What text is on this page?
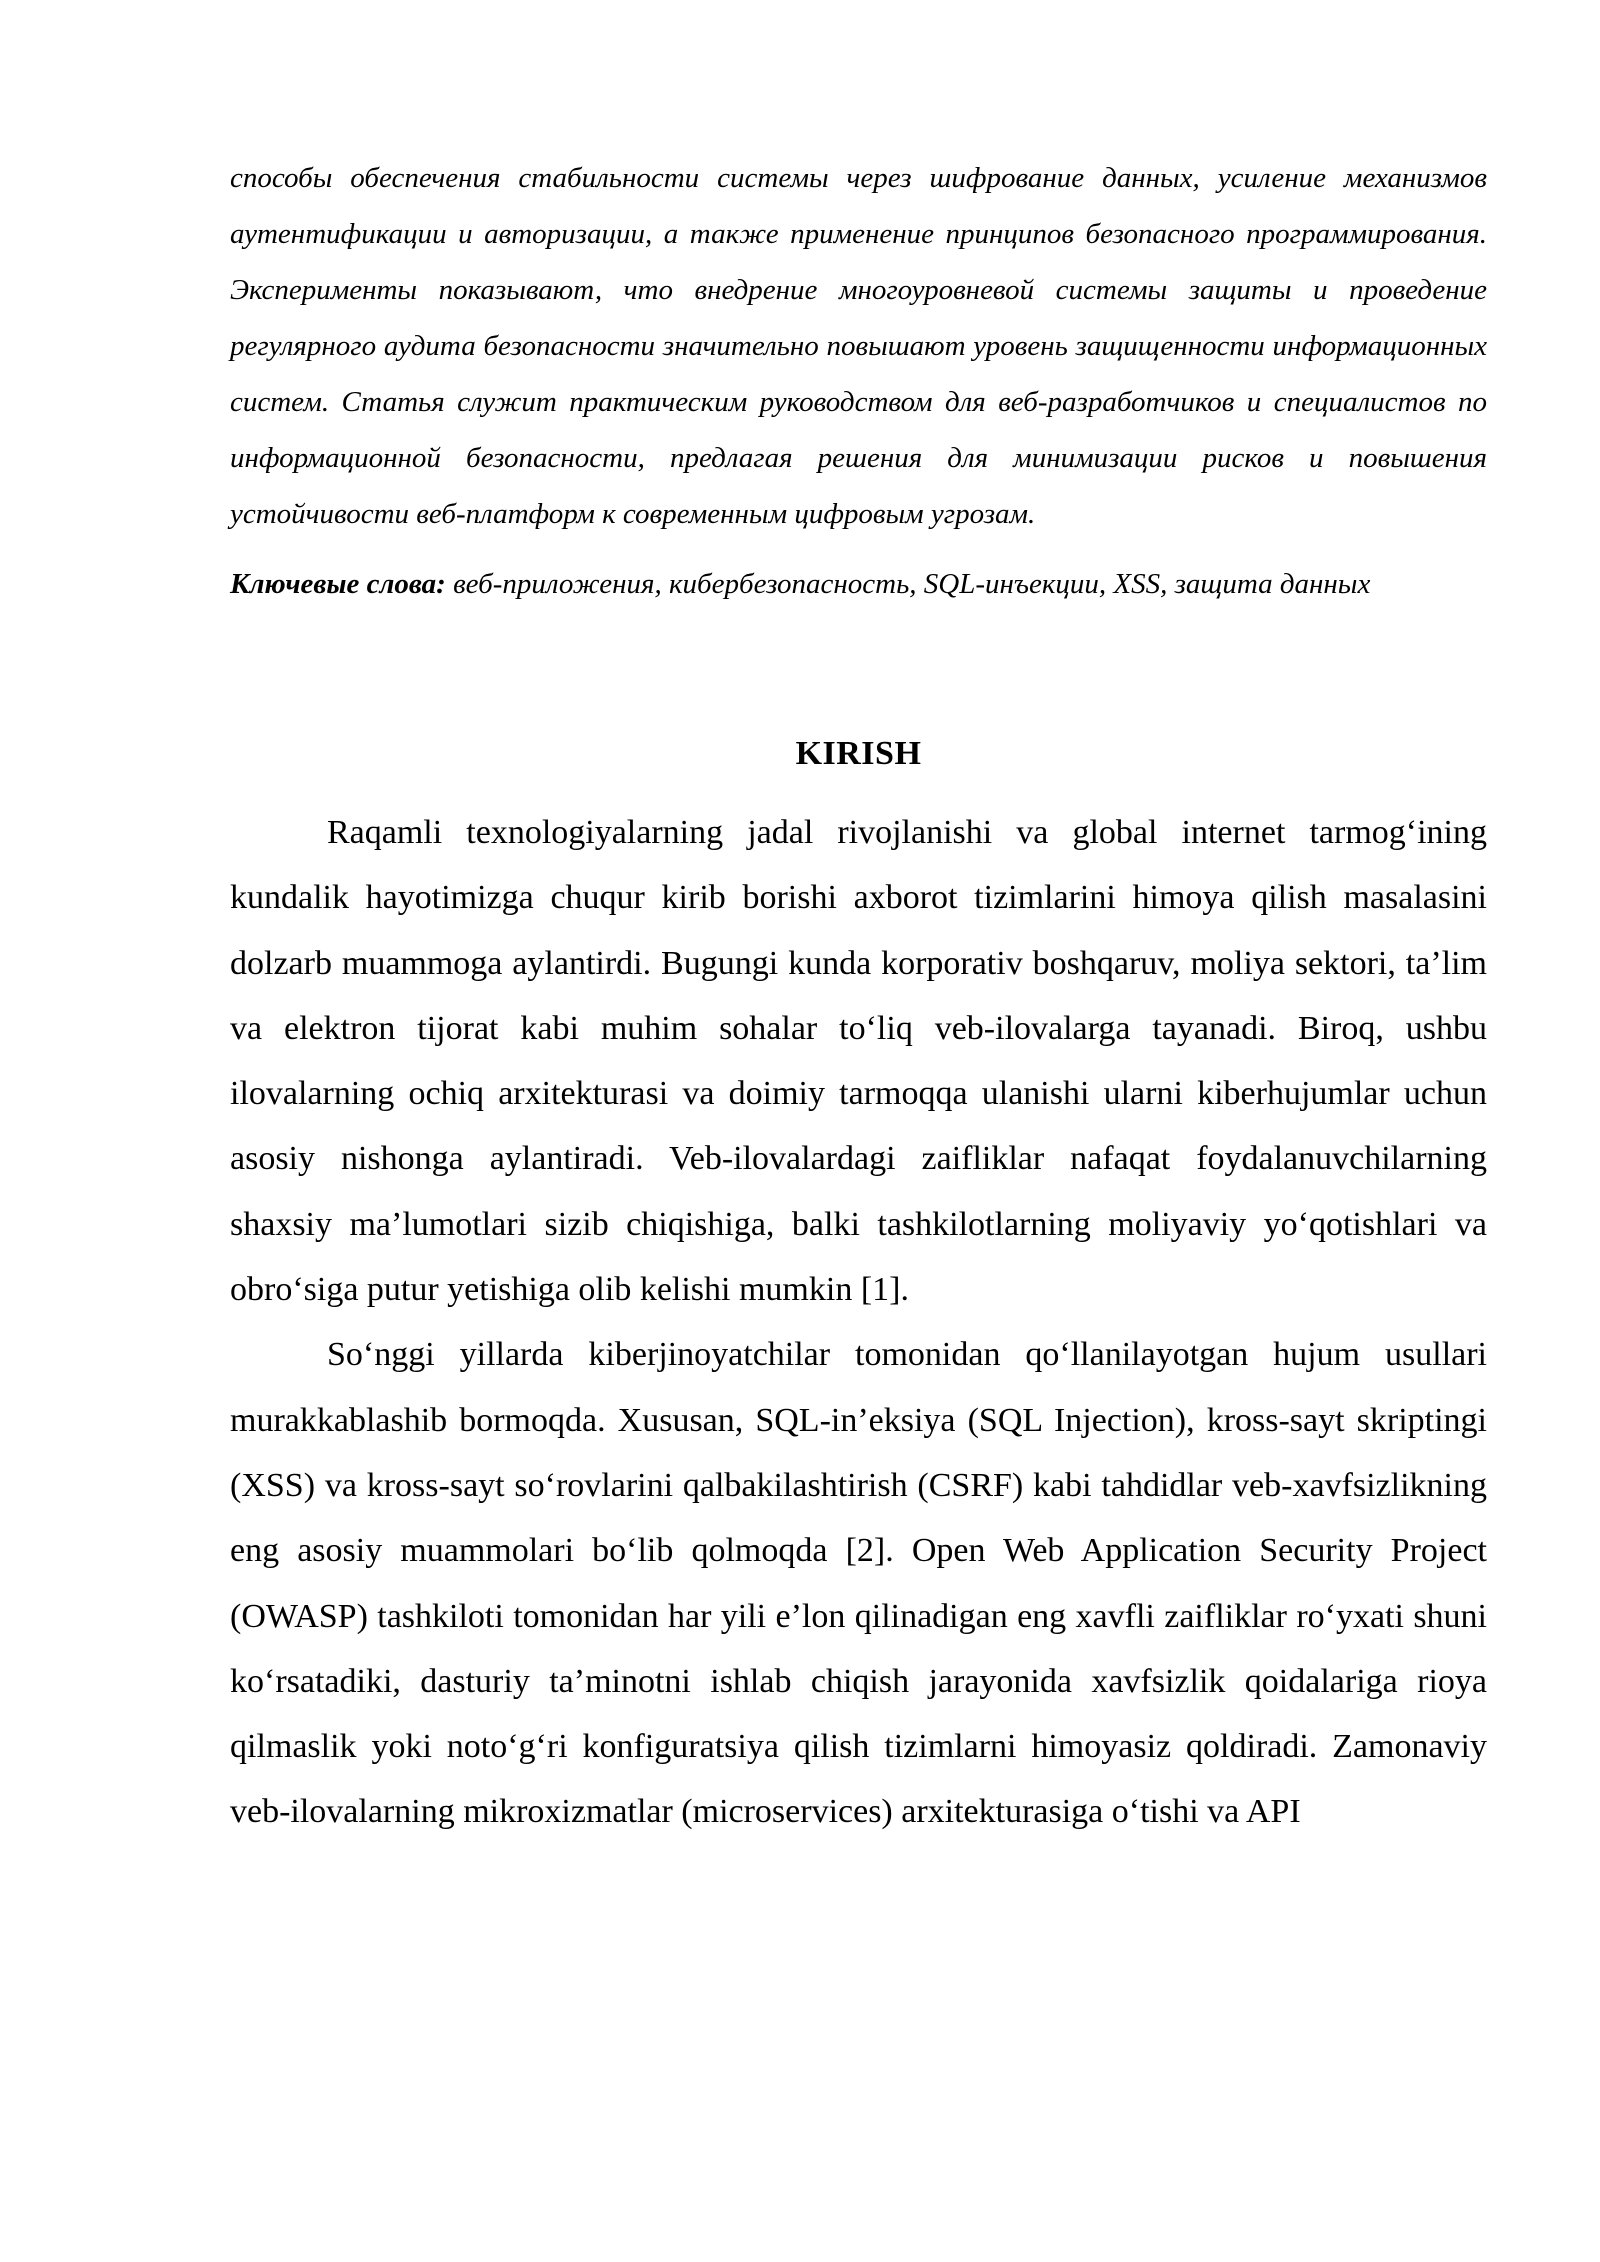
способы обеспечения стабильности системы через шифрование данных, усиление механизмов аутентификации и авторизации, а также применение принципов безопасного программирования. Эксперименты показывают, что внедрение многоуровневой системы защиты и проведение регулярного аудита безопасности значительно повышают уровень защищенности информационных систем. Статья служит практическим руководством для веб-разработчиков и специалистов по информационной безопасности, предлагая решения для минимизации рисков и повышения устойчивости веб-платформ к современным цифровым угрозам.

Ключевые слова: веб-приложения, кибербезопасность, SQL-инъекции, XSS, защита данных

KIRISH

Raqamli texnologiyalarning jadal rivojlanishi va global internet tarmog‘ining kundalik hayotimizga chuqur kirib borishi axborot tizimlarini himoya qilish masalasini dolzarb muammoga aylantirdi. Bugungi kunda korporativ boshqaruv, moliya sektori, ta’lim va elektron tijorat kabi muhim sohalar to‘liq veb-ilovalarga tayanadi. Biroq, ushbu ilovalarning ochiq arxitekturasi va doimiy tarmoqqa ulanishi ularni kiberhujumlar uchun asosiy nishonga aylantiradi. Veb-ilovalardagi zaifliklar nafaqat foydalanuvchilarning shaxsiy ma’lumotlari sizib chiqishiga, balki tashkilotlarning moliyaviy yo‘qotishlari va obro‘siga putur yetishiga olib kelishi mumkin [1].

So‘nggi yillarda kiberjinoyatchilar tomonidan qo‘llanilayotgan hujum usullari murakkablashib bormoqda. Xususan, SQL-in’eksiya (SQL Injection), kross-sayt skriptingi (XSS) va kross-sayt so‘rovlarini qalbakilashtirish (CSRF) kabi tahdidlar veb-xavfsizlikning eng asosiy muammolari bo‘lib qolmoqda [2]. Open Web Application Security Project (OWASP) tashkiloti tomonidan har yili e’lon qilinadigan eng xavfli zaifliklar ro‘yxati shuni ko‘rsatadiki, dasturiy ta’minotni ishlab chiqish jarayonida xavfsizlik qoidalariga rioya qilmaslik yoki noto‘g‘ri konfiguratsiya qilish tizimlarni himoyasiz qoldiradi. Zamonaviy veb-ilovalarning mikroxizmatlar (microservices) arxitekturasiga o‘tishi va API
